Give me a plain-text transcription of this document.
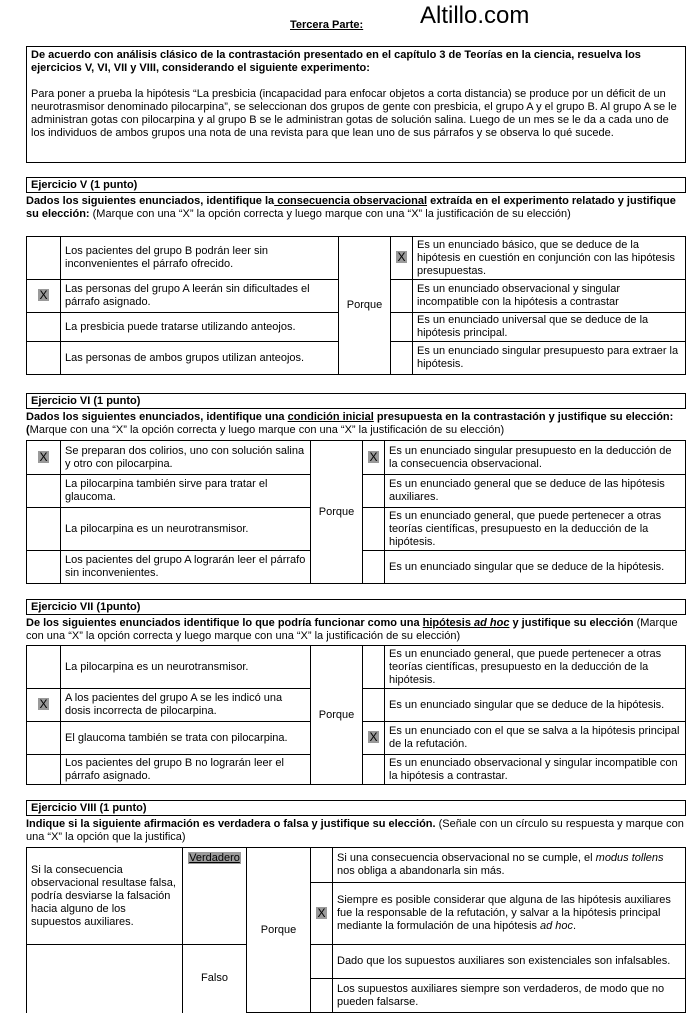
Tercera Parte: Altillo.com

De acuerdo con análisis clásico de la contrastación presentado en el capítulo 3 de Teorías en la ciencia, resuelva los ejercicios V, VI, VII y VIII, considerando el siguiente experimento:

Para poner a prueba la hipótesis “La presbicia (incapacidad para enfocar objetos a corta distancia) se produce por un déficit de un neurotrasmisor denominado pilocarpina”, se seleccionan dos grupos de gente con presbicia, el grupo A y el grupo B. Al grupo A se le administran gotas con pilocarpina y al grupo B se le administran gotas de solución salina. Luego de un mes se le da a cada uno de los individuos de ambos grupos una nota de una revista para que lean uno de sus párrafos y se observa lo qué sucede.

Ejercicio V (1 punto)
Dados los siguientes enunciados, identifique la consecuencia observacional extraída en el experimento relatado y justifique su elección: (Marque con una “X” la opción correcta y luego marque con una “X” la justificación de su elección)
	Los pacientes del grupo B podrán leer sin inconvenientes el párrafo ofrecido.	Porque	X	Es un enunciado básico, que se deduce de la hipótesis en cuestión en conjunción con las hipótesis presupuestas.
X	Las personas del grupo A leerán sin dificultades el párrafo asignado.			Es un enunciado observacional y singular incompatible con la hipótesis a contrastar
	La presbicia puede tratarse utilizando anteojos.			Es un enunciado universal que se deduce de la hipótesis principal.
	Las personas de ambos grupos utilizan anteojos.			Es un enunciado singular presupuesto para extraer la hipótesis.
Ejercicio VI (1 punto)
Dados los siguientes enunciados, identifique una condición inicial presupuesta en la contrastación y justifique su elección: (Marque con una “X” la opción correcta y luego marque con una “X” la justificación de su elección)
X	Se preparan dos colirios, uno con solución salina y otro con pilocarpina.	Porque	X	Es un enunciado singular presupuesto en la deducción de la consecuencia observacional.
	La pilocarpina también sirve para tratar el glaucoma.			Es un enunciado general que se deduce de las hipótesis auxiliares.
	La pilocarpina es un neurotransmisor.			Es un enunciado general, que puede pertenecer a otras teorías científicas, presupuesto en la deducción de la hipótesis.
	Los pacientes del grupo A lograrán leer el párrafo sin inconvenientes.			Es un enunciado singular que se deduce de la hipótesis.
Ejercicio VII (1punto)
De los siguientes enunciados identifique lo que podría funcionar como una hipótesis ad hoc y justifique su elección (Marque con una “X” la opción correcta y luego marque con una “X” la justificación de su elección)
	La pilocarpina es un neurotransmisor.	Porque		Es un enunciado general, que puede pertenecer a otras teorías científicas, presupuesto en la deducción de la hipótesis.
X	A los pacientes del grupo A se les indicó una dosis incorrecta de pilocarpina.			Es un enunciado singular que se deduce de la hipótesis.
	El glaucoma también se trata con pilocarpina.		X	Es un enunciado con el que se salva a la hipótesis principal de la refutación.
	Los pacientes del grupo B no lograrán leer el párrafo asignado.			Es un enunciado observacional y singular incompatible con la hipótesis a contrastar.
Ejercicio VIII (1 punto)
Indique si la siguiente afirmación es verdadera o falsa y justifique su elección. (Señale con un círculo su respuesta y marque con una “X” la opción que la justifica)
Si la consecuencia observacional resultase falsa, podría desviarse la falsación hacia alguno de los supuestos auxiliares.	Verdadero	Porque		Si una consecuencia observacional no se cumple, el modus tollens nos obliga a abandonarla sin más.
			X	Siempre es posible considerar que alguna de las hipótesis auxiliares fue la responsable de la refutación, y salvar a la hipótesis principal mediante la formulación de una hipótesis ad hoc.
	Falso			Dado que los supuestos auxiliares son existenciales son infalsables.
				Los supuestos auxiliares siempre son verdaderos, de modo que no pueden falsarse.
